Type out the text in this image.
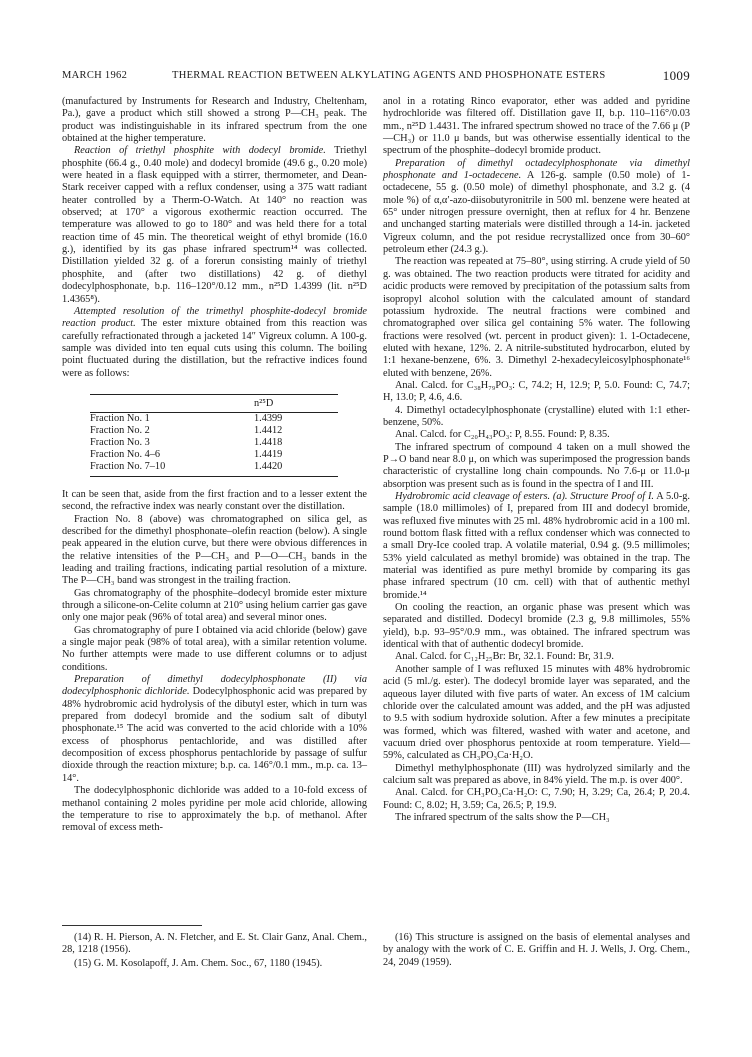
MARCH 1962	THERMAL REACTION BETWEEN ALKYLATING AGENTS AND PHOSPHONATE ESTERS	1009

(manufactured by Instruments for Research and Industry, Cheltenham, Pa.), gave a product which still showed a strong P—CH₃ peak. The product was indistinguishable in its infrared spectrum from the one obtained at the higher temperature.

Reaction of triethyl phosphite with dodecyl bromide. Triethyl phosphite (66.4 g., 0.40 mole) and dodecyl bromide (49.6 g., 0.20 mole) were heated in a flask equipped with a stirrer, thermometer, and Dean-Stark receiver capped with a reflux condenser, using a 375 watt radiant heater controlled by a Therm-O-Watch. At 140° no reaction was observed; at 170° a vigorous exothermic reaction occurred. The temperature was allowed to go to 180° and was held there for a total reaction time of 45 min. The theoretical weight of ethyl bromide (16.0 g.), identified by its gas phase infrared spectrum¹⁴ was collected. Distillation yielded 32 g. of a forerun consisting mainly of triethyl phosphite, and (after two distillations) 42 g. of diethyl dodecylphosphonate, b.p. 116–120°/0.12 mm., n²⁵D 1.4399 (lit. n²⁵D 1.4365⁸).

Attempted resolution of the trimethyl phosphite-dodecyl bromide reaction product. The ester mixture obtained from this reaction was carefully refractionated through a jacketed 14″ Vigreux column. A 100-g. sample was divided into ten equal cuts using this column. The boiling point fluctuated during the distillation, but the refractive indices found were as follows:

	n²⁵D

Fraction No. 1	1.4399
Fraction No. 2	1.4412
Fraction No. 3	1.4418
Fraction No. 4–6	1.4419
Fraction No. 7–10	1.4420

It can be seen that, aside from the first fraction and to a lesser extent the second, the refractive index was nearly constant over the distillation.

Fraction No. 8 (above) was chromatographed on silica gel, as described for the dimethyl phosphonate–olefin reaction (below). A single peak appeared in the elution curve, but there were obvious differences in the relative intensities of the P—CH₃ and P—O—CH₃ bands in the leading and trailing fractions, indicating partial resolution of a mixture. The P—CH₃ band was strongest in the trailing fraction.

Gas chromatography of the phosphite–dodecyl bromide ester mixture through a silicone-on-Celite column at 210° using helium carrier gas gave only one major peak (96% of total area) and several minor ones.

Gas chromatography of pure I obtained via acid chloride (below) gave a single major peak (98% of total area), with a similar retention volume. No further attempts were made to use different columns or to adjust conditions.

Preparation of dimethyl dodecylphosphonate (II) via dodecylphosphonic dichloride. Dodecylphosphonic acid was prepared by 48% hydrobromic acid hydrolysis of the dibutyl ester, which in turn was prepared from dodecyl bromide and the sodium salt of dibutyl phosphonate.¹⁵ The acid was converted to the acid chloride with a 10% excess of phosphorus pentachloride, and was distilled after decomposition of excess phosphorus pentachloride by passage of sulfur dioxide through the reaction mixture; b.p. ca. 146°/0.1 mm., m.p. ca. 13–14°.

The dodecylphosphonic dichloride was added to a 10-fold excess of methanol containing 2 moles pyridine per mole acid chloride, allowing the temperature to rise to approximately the b.p. of methanol. After removal of excess meth-

anol in a rotating Rinco evaporator, ether was added and pyridine hydrochloride was filtered off. Distillation gave II, b.p. 110–116°/0.03 mm., n²⁵D 1.4431. The infrared spectrum showed no trace of the 7.66 μ (P—CH₃) or 11.0 μ bands, but was otherwise essentially identical to the spectrum of the phosphite–dodecyl bromide product.

Preparation of dimethyl octadecylphosphonate via dimethyl phosphonate and 1-octadecene. A 126-g. sample (0.50 mole) of 1-octadecene, 55 g. (0.50 mole) of dimethyl phosphonate, and 3.2 g. (4 mole %) of α,α′-azo-diisobutyronitrile in 500 ml. benzene were heated at 65° under nitrogen pressure overnight, then at reflux for 4 hr. Benzene and unchanged starting materials were distilled through a 14-in. jacketed Vigreux column, and the pot residue recrystallized once from 30–60° petroleum ether (24.3 g.).

The reaction was repeated at 75–80°, using stirring. A crude yield of 50 g. was obtained. The two reaction products were titrated for acidity and acidic products were removed by precipitation of the potassium salts from isopropyl alcohol solution with the calculated amount of standard potassium hydroxide. The neutral fractions were combined and chromatographed over silica gel containing 5% water. The following fractions were resolved (wt. percent in product given): 1. 1-Octadecene, eluted with hexane, 12%. 2. A nitrile-substituted hydrocarbon, eluted by 1:1 hexane-benzene, 6%. 3. Dimethyl 2-hexadecyleicosylphosphonate¹⁶ eluted with benzene, 26%.

Anal. Calcd. for C₃₈H₇₉PO₃: C, 74.2; H, 12.9; P, 5.0. Found: C, 74.7; H, 13.0; P, 4.6, 4.6.

4. Dimethyl octadecylphosphonate (crystalline) eluted with 1:1 ether-benzene, 50%.

Anal. Calcd. for C₂₀H₄₃PO₃: P, 8.55. Found: P, 8.35.

The infrared spectrum of compound 4 taken on a mull showed the P→O band near 8.0 μ, on which was superimposed the progression bands characteristic of crystalline long chain compounds. No 7.6-μ or 11.0-μ absorption was present such as is found in the spectra of I and III.

Hydrobromic acid cleavage of esters. (a). Structure Proof of I. A 5.0-g. sample (18.0 millimoles) of I, prepared from III and dodecyl bromide, was refluxed five minutes with 25 ml. 48% hydrobromic acid in a 100 ml. round bottom flask fitted with a reflux condenser which was connected to a small Dry-Ice cooled trap. A volatile material, 0.94 g. (9.5 millimoles; 53% yield calculated as methyl bromide) was obtained in the trap. The material was identified as pure methyl bromide by comparing its gas phase infrared spectrum (10 cm. cell) with that of authentic methyl bromide.¹⁴

On cooling the reaction, an organic phase was present which was separated and distilled. Dodecyl bromide (2.3 g, 9.8 millimoles, 55% yield), b.p. 93–95°/0.9 mm., was obtained. The infrared spectrum was identical with that of authentic dodecyl bromide.

Anal. Calcd. for C₁₂H₂₅Br: Br, 32.1. Found: Br, 31.9.

Another sample of I was refluxed 15 minutes with 48% hydrobromic acid (5 ml./g. ester). The dodecyl bromide layer was separated, and the aqueous layer diluted with five parts of water. An excess of 1M calcium chloride over the calculated amount was added, and the pH was adjusted to 9.5 with sodium hydroxide solution. After a few minutes a precipitate was formed, which was filtered, washed with water and acetone, and vacuum dried over phosphorus pentoxide at room temperature. Yield—59%, calculated as CH₃PO₃Ca·H₂O.

Dimethyl methylphosphonate (III) was hydrolyzed similarly and the calcium salt was prepared as above, in 84% yield. The m.p. is over 400°.

Anal. Calcd. for CH₃PO₃Ca·H₂O: C, 7.90; H, 3.29; Ca, 26.4; P, 20.4. Found: C, 8.02; H, 3.59; Ca, 26.5; P, 19.9.

The infrared spectrum of the salts show the P—CH₃

(14) R. H. Pierson, A. N. Fletcher, and E. St. Clair Ganz, Anal. Chem., 28, 1218 (1956).

(15) G. M. Kosolapoff, J. Am. Chem. Soc., 67, 1180 (1945).

(16) This structure is assigned on the basis of elemental analyses and by analogy with the work of C. E. Griffin and H. J. Wells, J. Org. Chem., 24, 2049 (1959).
